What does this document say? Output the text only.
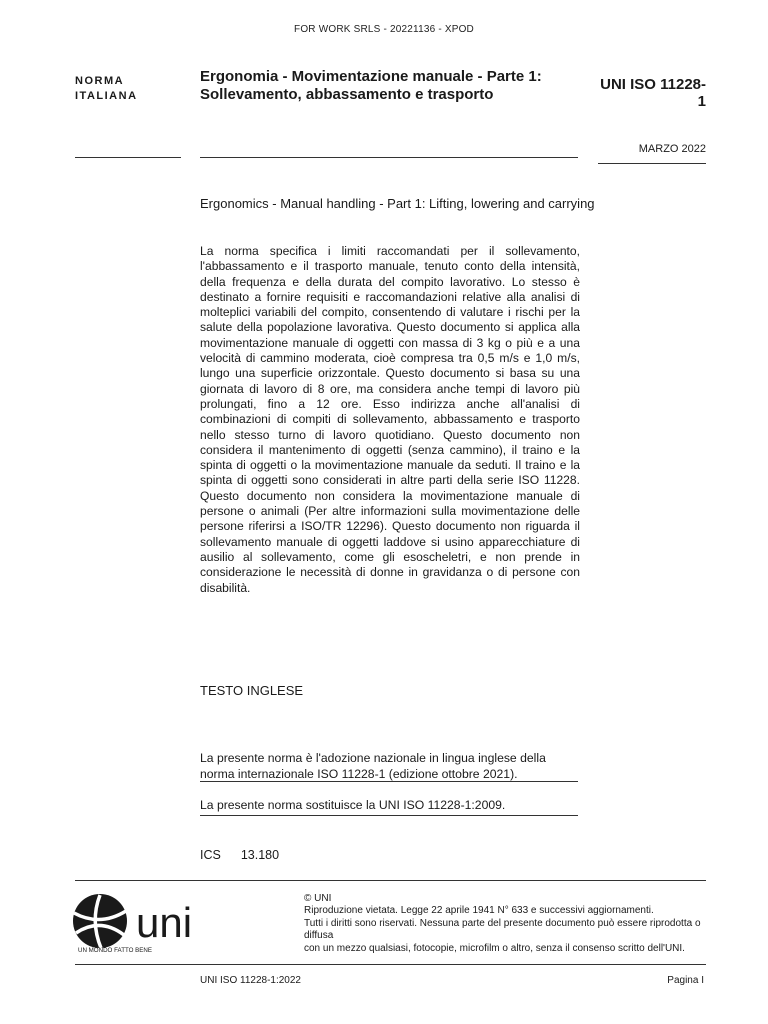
FOR WORK SRLS - 20221136 - XPOD
NORMA
ITALIANA
Ergonomia - Movimentazione manuale - Parte 1:
Sollevamento, abbassamento e trasporto
UNI ISO 11228-1
MARZO 2022
Ergonomics - Manual handling - Part 1: Lifting, lowering and carrying

La norma specifica i limiti raccomandati per il sollevamento, l'abbassamento e il trasporto manuale, tenuto conto della intensità, della frequenza e della durata del compito lavorativo. Lo stesso è destinato a fornire requisiti e raccomandazioni relative alla analisi di molteplici variabili del compito, consentendo di valutare i rischi per la salute della popolazione lavorativa. Questo documento si applica alla movimentazione manuale di oggetti con massa di 3 kg o più e a una velocità di cammino moderata, cioè compresa tra 0,5 m/s e 1,0 m/s, lungo una superficie orizzontale. Questo documento si basa su una giornata di lavoro di 8 ore, ma considera anche tempi di lavoro più prolungati, fino a 12 ore. Esso indirizza anche all'analisi di combinazioni di compiti di sollevamento, abbassamento e trasporto nello stesso turno di lavoro quotidiano. Questo documento non considera il mantenimento di oggetti (senza cammino), il traino e la spinta di oggetti o la movimentazione manuale da seduti. Il traino e la spinta di oggetti sono considerati in altre parti della serie ISO 11228. Questo documento non considera la movimentazione manuale di persone o animali (Per altre informazioni sulla movimentazione delle persone riferirsi a ISO/TR 12296). Questo documento non riguarda il sollevamento manuale di oggetti laddove si usino apparecchiature di ausilio al sollevamento, come gli esoscheletri, e non prende in considerazione le necessità di donne in gravidanza o di persone con disabilità.

TESTO INGLESE
La presente norma è l'adozione nazionale in lingua inglese della norma internazionale ISO 11228-1 (edizione ottobre 2021).
La presente norma sostituisce la UNI ISO 11228-1:2009.
ICS 13.180
uni
UN MONDO FATTO BENE
© UNI
Riproduzione vietata. Legge 22 aprile 1941 N° 633 e successivi aggiornamenti.
Tutti i diritti sono riservati. Nessuna parte del presente documento può essere riprodotta o diffusa
con un mezzo qualsiasi, fotocopie, microfilm o altro, senza il consenso scritto dell'UNI.
UNI ISO 11228-1:2022	Pagina I
